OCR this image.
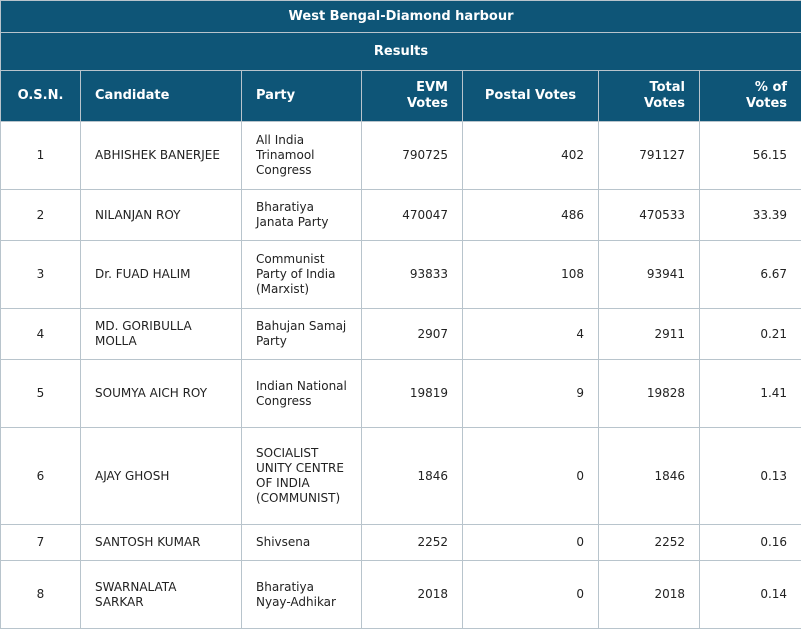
West Bengal-Diamond harbour						
Results						
O.S.N.	Candidate	Party	EVM Votes	Postal Votes	Total Votes	% of Votes
1	ABHISHEK BANERJEE	All India Trinamool Congress	790725	402	791127	56.15
2	NILANJAN ROY	Bharatiya Janata Party	470047	486	470533	33.39
3	Dr. FUAD HALIM	Communist Party of India (Marxist)	93833	108	93941	6.67
4	MD. GORIBULLA MOLLA	Bahujan Samaj Party	2907	4	2911	0.21
5	SOUMYA AICH ROY	Indian National Congress	19819	9	19828	1.41
6	AJAY GHOSH	SOCIALIST UNITY CENTRE OF INDIA (COMMUNIST)	1846	0	1846	0.13
7	SANTOSH KUMAR	Shivsena	2252	0	2252	0.16
8	SWARNALATA SARKAR	Bharatiya Nyay-Adhikar	2018	0	2018	0.14
